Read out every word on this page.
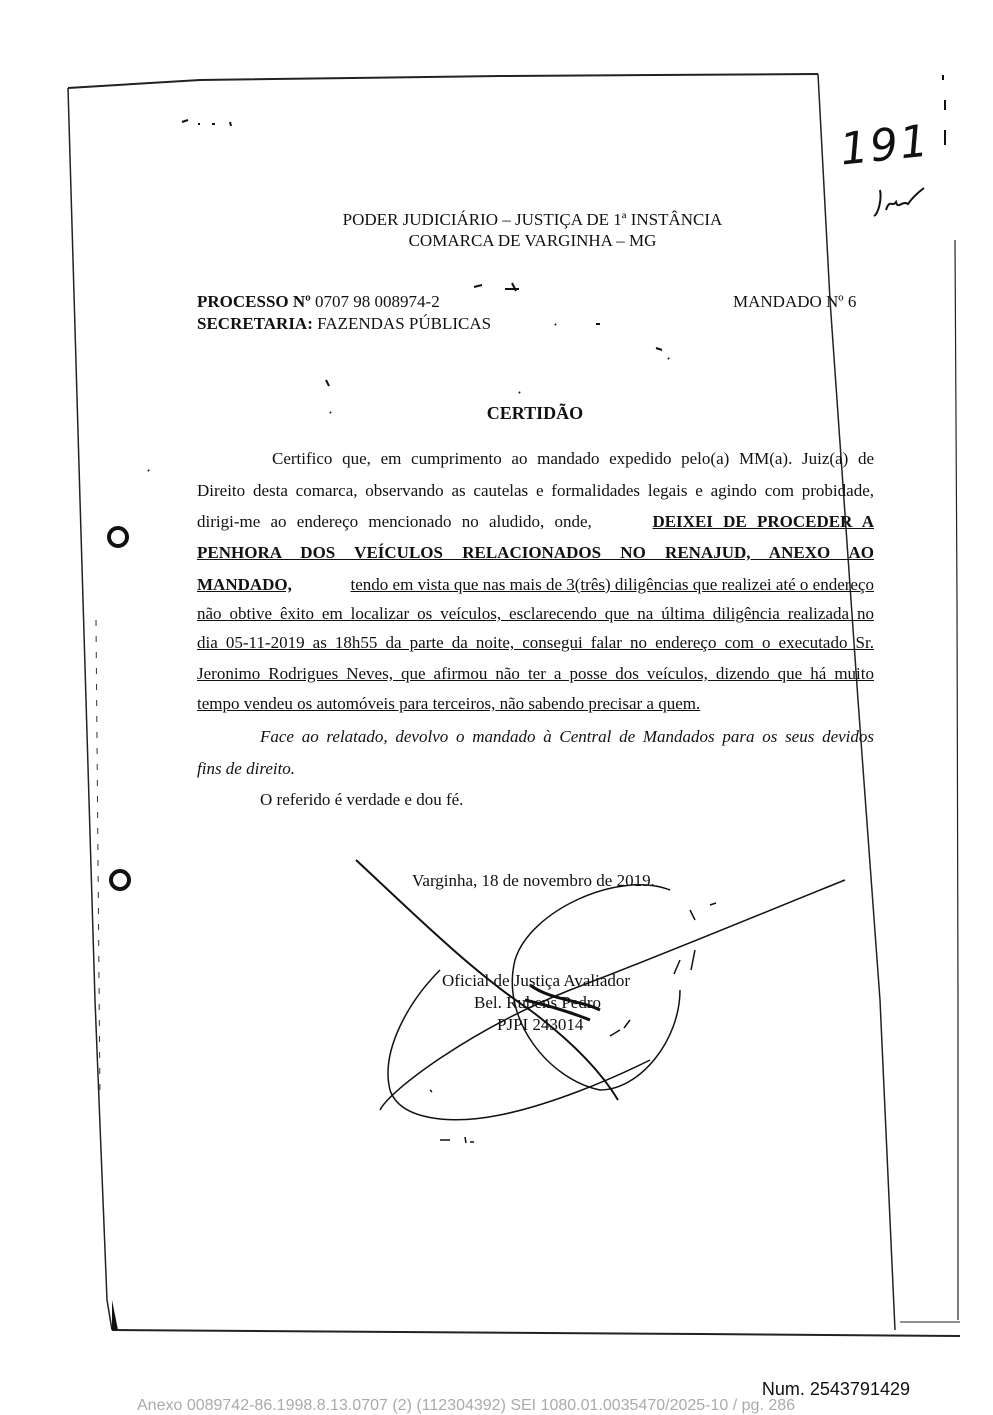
191
PODER JUDICIÁRIO – JUSTIÇA DE 1ª INSTÂNCIA
COMARCA DE VARGINHA – MG
PROCESSO Nº 0707 98 008974-2
SECRETARIA: FAZENDAS PÚBLICAS
MANDADO Nº 6
CERTIDÃO
Certifico que, em cumprimento ao mandado expedido pelo(a) MM(a). Juiz(a) de
Direito desta comarca, observando as cautelas e formalidades legais e agindo com probidade,
dirigi-me ao endereço mencionado no aludido, onde,	DEIXEI DE PROCEDER A
PENHORA DOS VEÍCULOS RELACIONADOS NO RENAJUD, ANEXO AO
MANDADO,	tendo em vista que nas mais de 3(três) diligências que realizei até o endereço
não obtive êxito em localizar os veículos, esclarecendo que na última diligência realizada no
dia 05-11-2019 as 18h55 da parte da noite, consegui falar no endereço com o executado Sr.
Jeronimo Rodrigues Neves, que afirmou não ter a posse dos veículos, dizendo que há muito
tempo vendeu os automóveis para terceiros, não sabendo precisar a quem.
Face ao relatado, devolvo o mandado à Central de Mandados para os seus devidos
fins de direito.
O referido é verdade e dou fé.
Varginha, 18 de novembro de 2019.
Oficial de Justiça Avaliador
Bel. Rubens Pedro
PJPI 243014
Num. 2543791429
Anexo 0089742-86.1998.8.13.0707 (2) (112304392) SEI 1080.01.0035470/2025-10 / pg. 286
